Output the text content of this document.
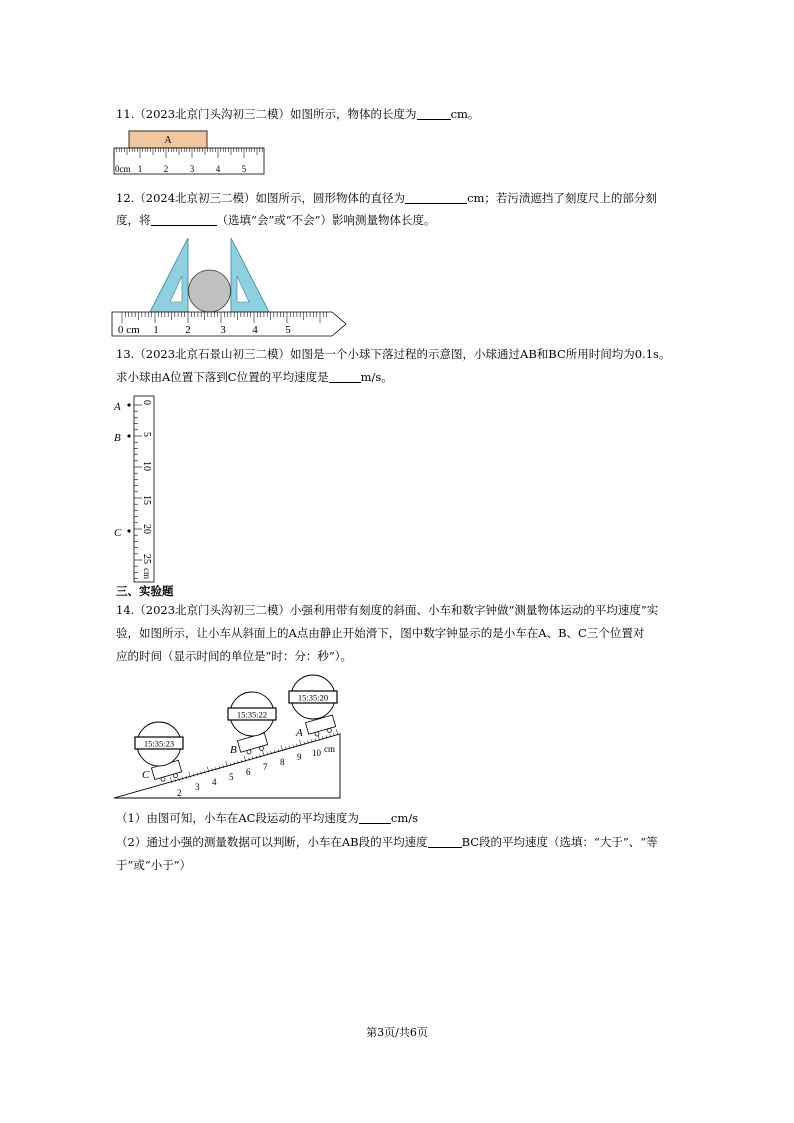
11.（2023北京门头沟初三二模）如图所示，物体的长度为	cm。
A
0cm 1 2 3 4 5
12.（2024北京初三二模）如图所示，圆形物体的直径为	cm；若污渍遮挡了刻度尺上的部分刻
度，将	（选填“会”或“不会”）影响测量物体长度。
0 cm 1 2	3 4	5
13.（2023北京石景山初三二模）如图是一个小球下落过程的示意图，小球通过AB和BC所用时间均为0.1s。
求小球由A位置下落到C位置的平均速度是	m/s。
A
B
C
0
5
10
15
20
25
cm
三、实验题
14.（2023北京门头沟初三二模）小强利用带有刻度的斜面、小车和数字钟做“测量物体运动的平均速度”实
验，如图所示，让小车从斜面上的A点由静止开始滑下，图中数字钟显示的是小车在A、B、C三个位置对
应的时间（显示时间的单位是“时：分：秒”）。
2
3 4 5 6 7 8 9 10 cm
C
15:35:23
B
15:35:22
A
15:35:20
（1）由图可知，小车在AC段运动的平均速度为	cm/s
（2）通过小强的测量数据可以判断，小车在AB段的平均速度	BC段的平均速度（选填：“大于”、“等
于”或“小于”）
第3页/共6页
